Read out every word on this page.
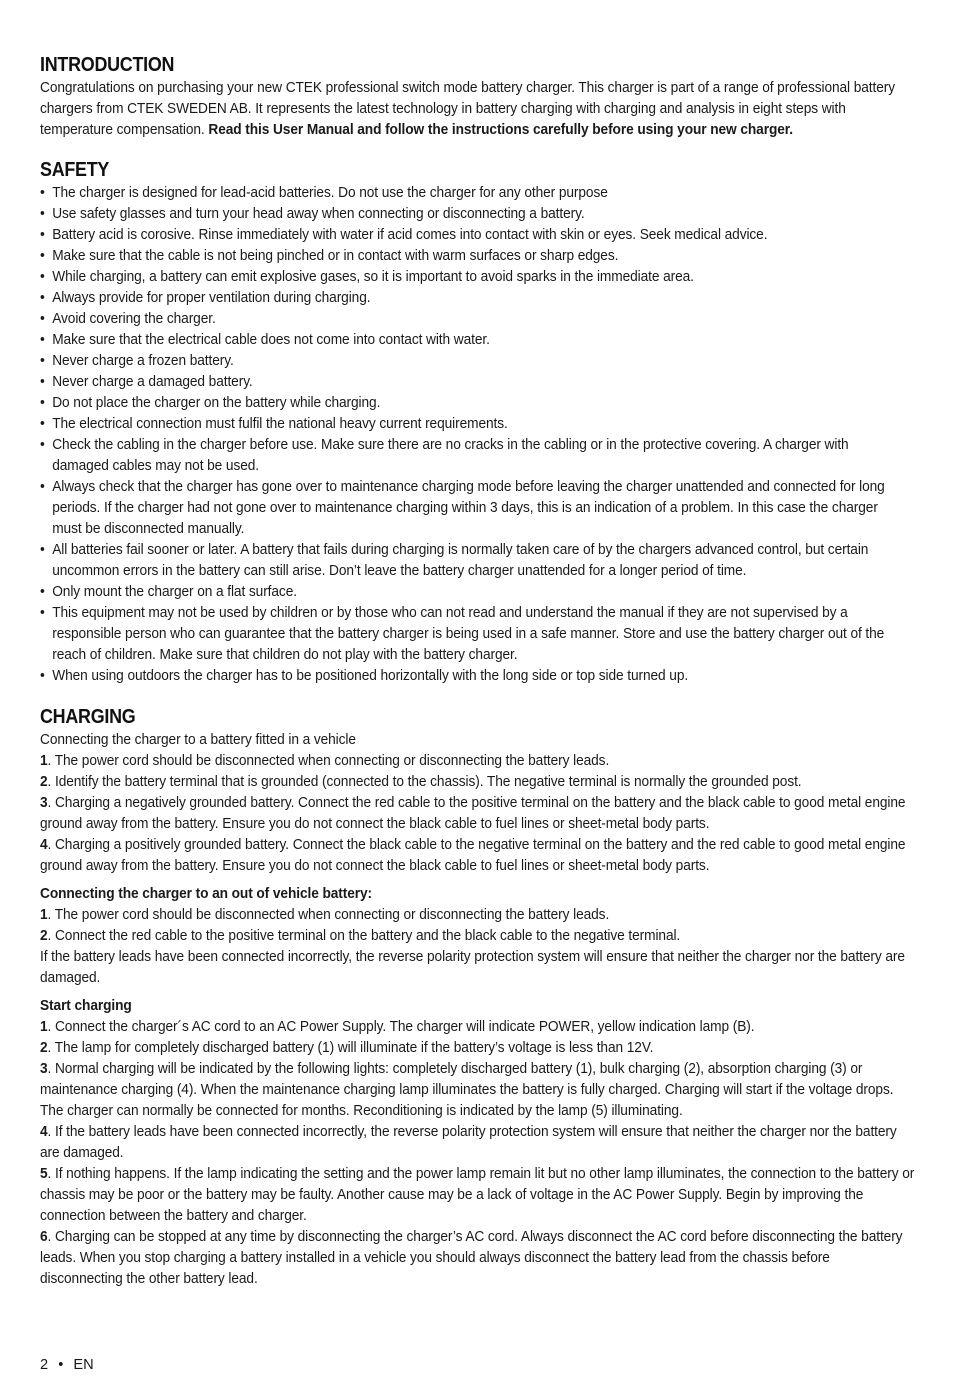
INTRODUCTION

Congratulations on purchasing your new CTEK professional switch mode battery charger. This charger is part of a range of professional battery chargers from CTEK SWEDEN AB. It represents the latest technology in battery charging with charging and analysis in eight steps with temperature compensation. Read this User Manual and follow the instructions carefully before using your new charger.

SAFETY
• The charger is designed for lead-acid batteries. Do not use the charger for any other purpose
• Use safety glasses and turn your head away when connecting or disconnecting a battery.
• Battery acid is corosive. Rinse immediately with water if acid comes into contact with skin or eyes. Seek medical advice.
• Make sure that the cable is not being pinched or in contact with warm surfaces or sharp edges.
• While charging, a battery can emit explosive gases, so it is important to avoid sparks in the immediate area.
• Always provide for proper ventilation during charging.
• Avoid covering the charger.
• Make sure that the electrical cable does not come into contact with water.
• Never charge a frozen battery.
• Never charge a damaged battery.
• Do not place the charger on the battery while charging.
• The electrical connection must fulfil the national heavy current requirements.
• Check the cabling in the charger before use. Make sure there are no cracks in the cabling or in the protective covering. A charger with damaged cables may not be used.
• Always check that the charger has gone over to maintenance charging mode before leaving the charger unattended and connected for long periods. If the charger had not gone over to maintenance charging within 3 days, this is an indication of a problem. In this case the charger must be disconnected manually.
• All batteries fail sooner or later. A battery that fails during charging is normally taken care of by the chargers advanced control, but certain uncommon errors in the battery can still arise. Don’t leave the battery charger unattended for a longer period of time.
• Only mount the charger on a flat surface.
• This equipment may not be used by children or by those who can not read and understand the manual if they are not supervised by a responsible person who can guarantee that the battery charger is being used in a safe manner. Store and use the battery charger out of the reach of children. Make sure that children do not play with the battery charger.
• When using outdoors the charger has to be positioned horizontally with the long side or top side turned up.
CHARGING

Connecting the charger to a battery fitted in a vehicle

1. The power cord should be disconnected when connecting or disconnecting the battery leads.

2. Identify the battery terminal that is grounded (connected to the chassis). The negative terminal is normally the grounded post.

3. Charging a negatively grounded battery. Connect the red cable to the positive terminal on the battery and the black cable to good metal engine ground away from the battery. Ensure you do not connect the black cable to fuel lines or sheet-metal body parts.

4. Charging a positively grounded battery. Connect the black cable to the negative terminal on the battery and the red cable to good metal engine ground away from the battery. Ensure you do not connect the black cable to fuel lines or sheet-metal body parts.

Connecting the charger to an out of vehicle battery:

1. The power cord should be disconnected when connecting or disconnecting the battery leads.

2. Connect the red cable to the positive terminal on the battery and the black cable to the negative terminal.

If the battery leads have been connected incorrectly, the reverse polarity protection system will ensure that neither the charger nor the battery are damaged.

Start charging

1. Connect the charger´s AC cord to an AC Power Supply. The charger will indicate POWER, yellow indication lamp (B).

2. The lamp for completely discharged battery (1) will illuminate if the battery’s voltage is less than 12V.

3. Normal charging will be indicated by the following lights: completely discharged battery (1), bulk charging (2), absorption charging (3) or maintenance charging (4). When the maintenance charging lamp illuminates the battery is fully charged. Charging will start if the voltage drops. The charger can normally be connected for months. Reconditioning is indicated by the lamp (5) illuminating.

4. If the battery leads have been connected incorrectly, the reverse polarity protection system will ensure that neither the charger nor the battery are damaged.

5. If nothing happens. If the lamp indicating the setting and the power lamp remain lit but no other lamp illuminates, the connection to the battery or chassis may be poor or the battery may be faulty. Another cause may be a lack of voltage in the AC Power Supply. Begin by improving the connection between the battery and charger.

6. Charging can be stopped at any time by disconnecting the charger’s AC cord. Always disconnect the AC cord before disconnecting the battery leads. When you stop charging a battery installed in a vehicle you should always disconnect the battery lead from the chassis before disconnecting the other battery lead.

2 • EN
